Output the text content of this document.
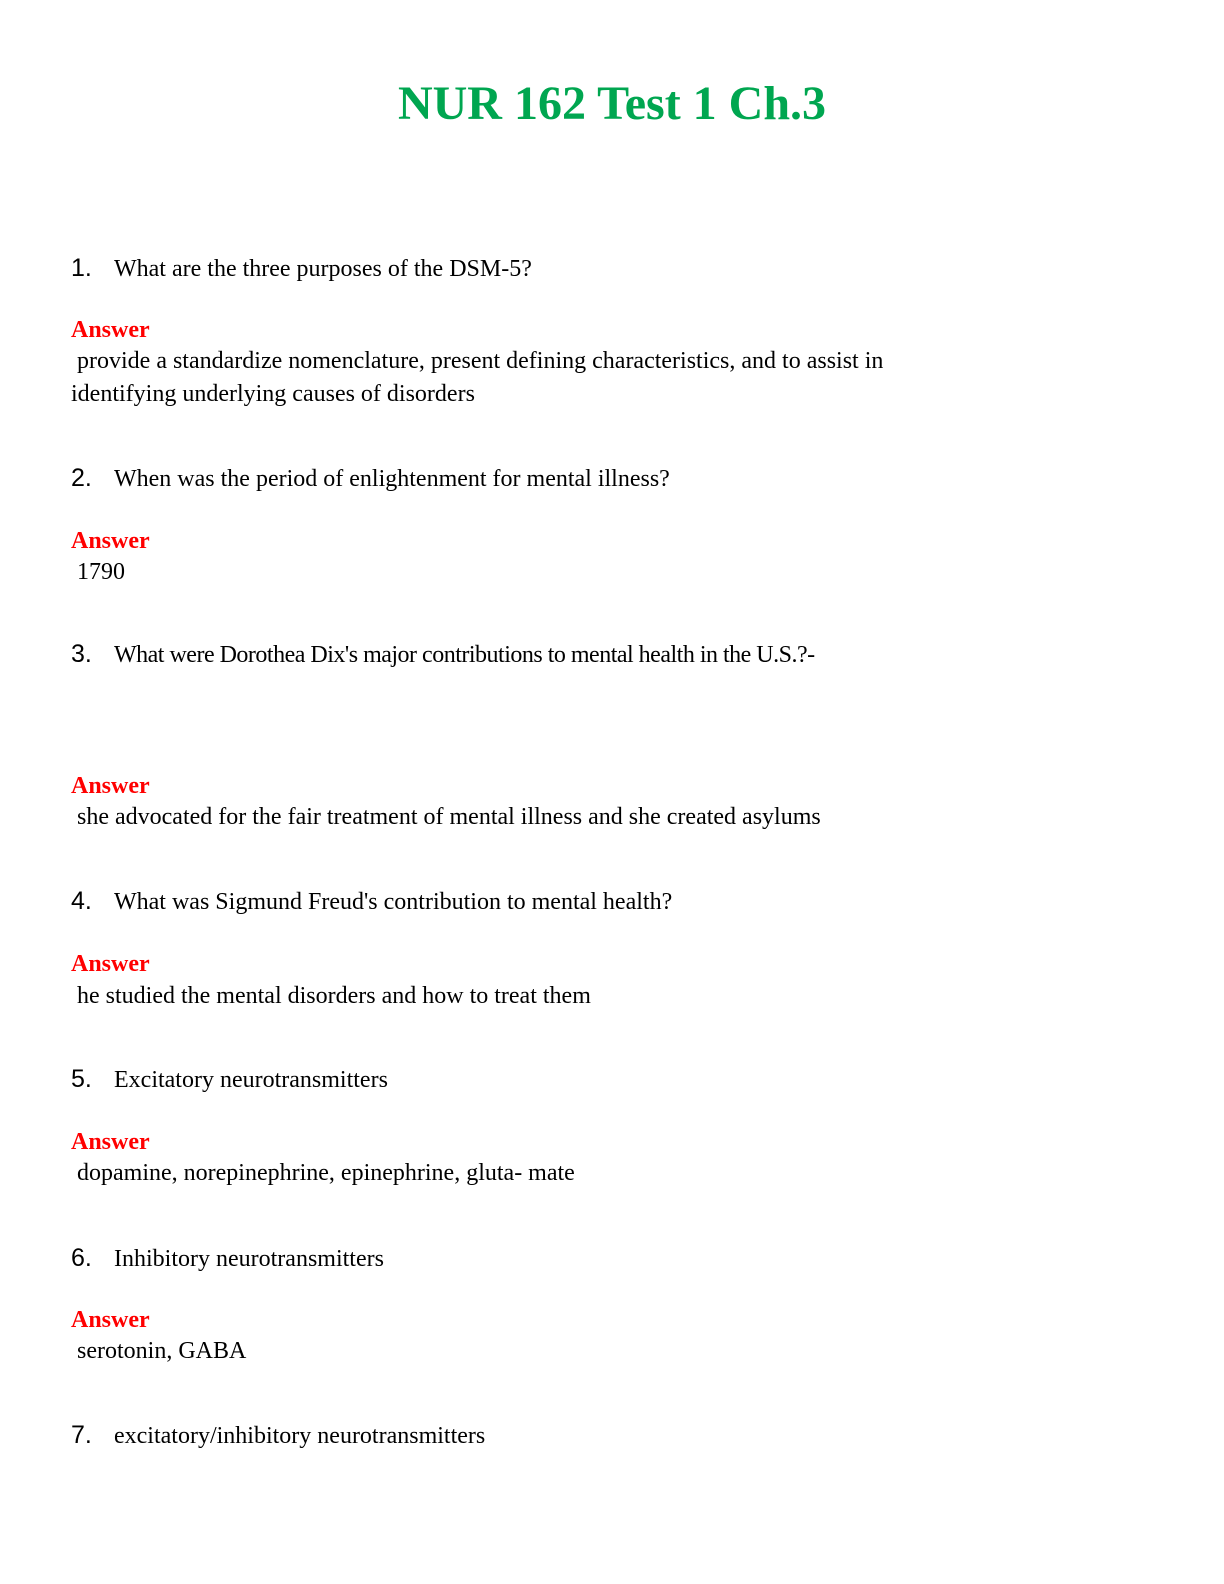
NUR 162 Test 1 Ch.3
1. What are the three purposes of the DSM-5?
Answer
provide a standardize nomenclature, present defining characteristics, and to assist in
identifying underlying causes of disorders
2. When was the period of enlightenment for mental illness?
Answer
1790
3. What were Dorothea Dix's major contributions to mental health in the U.S.?-
Answer
she advocated for the fair treatment of mental illness and she created asylums
4. What was Sigmund Freud's contribution to mental health?
Answer
he studied the mental disorders and how to treat them
5. Excitatory neurotransmitters
Answer
dopamine, norepinephrine, epinephrine, gluta- mate
6. Inhibitory neurotransmitters
Answer
serotonin, GABA
7. excitatory/inhibitory neurotransmitters
